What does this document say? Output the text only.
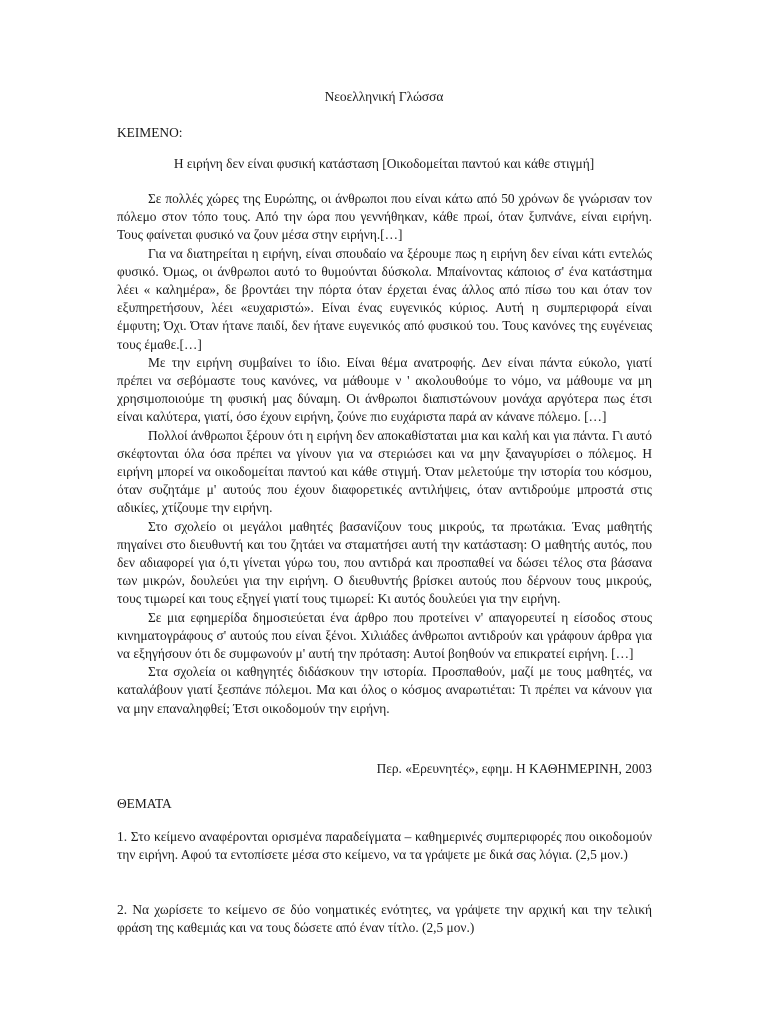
Νεοελληνική Γλώσσα
ΚΕΙΜΕΝΟ:
Η ειρήνη δεν είναι φυσική κατάσταση [Οικοδομείται παντού και κάθε στιγμή]

Σε πολλές χώρες της Ευρώπης, οι άνθρωποι που είναι κάτω από 50 χρόνων δε γνώρισαν τον πόλεμο στον τόπο τους. Από την ώρα που γεννήθηκαν, κάθε πρωί, όταν ξυπνάνε, είναι ειρήνη. Τους φαίνεται φυσικό να ζουν μέσα στην ειρήνη.[…]

Για να διατηρείται η ειρήνη, είναι σπουδαίο να ξέρουμε πως η ειρήνη δεν είναι κάτι εντελώς φυσικό. Όμως, οι άνθρωποι αυτό το θυμούνται δύσκολα. Μπαίνοντας κάποιος σ' ένα κατάστημα λέει « καλημέρα», δε βροντάει την πόρτα όταν έρχεται ένας άλλος από πίσω του και όταν τον εξυπηρετήσουν, λέει «ευχαριστώ». Είναι ένας ευγενικός κύριος. Αυτή η συμπεριφορά είναι έμφυτη; Όχι. Όταν ήτανε παιδί, δεν ήτανε ευγενικός από φυσικού του. Τους κανόνες της ευγένειας τους έμαθε.[…]

Με την ειρήνη συμβαίνει το ίδιο. Είναι θέμα ανατροφής. Δεν είναι πάντα εύκολο, γιατί πρέπει να σεβόμαστε τους κανόνες, να μάθουμε ν ' ακολουθούμε το νόμο, να μάθουμε να μη χρησιμοποιούμε τη φυσική μας δύναμη. Οι άνθρωποι διαπιστώνουν μονάχα αργότερα πως έτσι είναι καλύτερα, γιατί, όσο έχουν ειρήνη, ζούνε πιο ευχάριστα παρά αν κάνανε πόλεμο. […]

Πολλοί άνθρωποι ξέρουν ότι η ειρήνη δεν αποκαθίσταται μια και καλή και για πάντα. Γι αυτό σκέφτονται όλα όσα πρέπει να γίνουν για να στεριώσει και να μην ξαναγυρίσει ο πόλεμος. Η ειρήνη μπορεί να οικοδομείται παντού και κάθε στιγμή. Όταν μελετούμε την ιστορία του κόσμου, όταν συζητάμε μ' αυτούς που έχουν διαφορετικές αντιλήψεις, όταν αντιδρούμε μπροστά στις αδικίες, χτίζουμε την ειρήνη.

Στο σχολείο οι μεγάλοι μαθητές βασανίζουν τους μικρούς, τα πρωτάκια. Ένας μαθητής πηγαίνει στο διευθυντή και του ζητάει να σταματήσει αυτή την κατάσταση: Ο μαθητής αυτός, που δεν αδιαφορεί για ό,τι γίνεται γύρω του, που αντιδρά και προσπαθεί να δώσει τέλος στα βάσανα των μικρών, δουλεύει για την ειρήνη. Ο διευθυντής βρίσκει αυτούς που δέρνουν τους μικρούς, τους τιμωρεί και τους εξηγεί γιατί τους τιμωρεί: Κι αυτός δουλεύει για την ειρήνη.

Σε μια εφημερίδα δημοσιεύεται ένα άρθρο που προτείνει ν' απαγορευτεί η είσοδος στους κινηματογράφους σ' αυτούς που είναι ξένοι. Χιλιάδες άνθρωποι αντιδρούν και γράφουν άρθρα για να εξηγήσουν ότι δε συμφωνούν μ' αυτή την πρόταση: Αυτοί βοηθούν να επικρατεί ειρήνη. […]

Στα σχολεία οι καθηγητές διδάσκουν την ιστορία. Προσπαθούν, μαζί με τους μαθητές, να καταλάβουν γιατί ξεσπάνε πόλεμοι. Μα και όλος ο κόσμος αναρωτιέται: Τι πρέπει να κάνουν για να μην επαναληφθεί; Έτσι οικοδομούν την ειρήνη.

Περ. «Ερευνητές», εφημ. Η ΚΑΘΗΜΕΡΙΝΗ, 2003
ΘΕΜΑΤΑ

1. Στο κείμενο αναφέρονται ορισμένα παραδείγματα – καθημερινές συμπεριφορές που οικοδομούν την ειρήνη. Αφού τα εντοπίσετε μέσα στο κείμενο, να τα γράψετε με δικά σας λόγια. (2,5 μον.)

2. Να χωρίσετε το κείμενο σε δύο νοηματικές ενότητες, να γράψετε την αρχική και την τελική φράση της καθεμιάς και να τους δώσετε από έναν τίτλο. (2,5 μον.)
